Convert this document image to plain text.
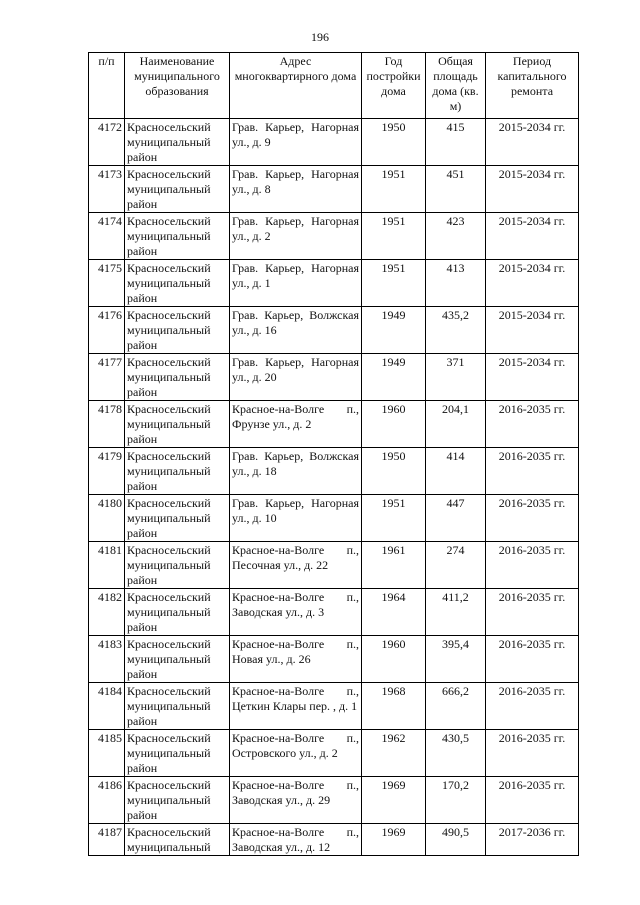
196
п/п	Наименование муниципального образования	Адрес многоквартирного дома	Год постройки дома	Общая площадь дома (кв. м)	Период капитального ремонта
4172	Красносельский муниципальный район	Грав. Карьер, Нагорная ул., д. 9	1950	415	2015-2034 гг.
4173	Красносельский муниципальный район	Грав. Карьер, Нагорная ул., д. 8	1951	451	2015-2034 гг.
4174	Красносельский муниципальный район	Грав. Карьер, Нагорная ул., д. 2	1951	423	2015-2034 гг.
4175	Красносельский муниципальный район	Грав. Карьер, Нагорная ул., д. 1	1951	413	2015-2034 гг.
4176	Красносельский муниципальный район	Грав. Карьер, Волжская ул., д. 16	1949	435,2	2015-2034 гг.
4177	Красносельский муниципальный район	Грав. Карьер, Нагорная ул., д. 20	1949	371	2015-2034 гг.
4178	Красносельский муниципальный район	Красное-на-Волге п., Фрунзе ул., д. 2	1960	204,1	2016-2035 гг.
4179	Красносельский муниципальный район	Грав. Карьер, Волжская ул., д. 18	1950	414	2016-2035 гг.
4180	Красносельский муниципальный район	Грав. Карьер, Нагорная ул., д. 10	1951	447	2016-2035 гг.
4181	Красносельский муниципальный район	Красное-на-Волге п., Песочная ул., д. 22	1961	274	2016-2035 гг.
4182	Красносельский муниципальный район	Красное-на-Волге п., Заводская ул., д. 3	1964	411,2	2016-2035 гг.
4183	Красносельский муниципальный район	Красное-на-Волге п., Новая ул., д. 26	1960	395,4	2016-2035 гг.
4184	Красносельский муниципальный район	Красное-на-Волге п., Цеткин Клары пер. , д. 1	1968	666,2	2016-2035 гг.
4185	Красносельский муниципальный район	Красное-на-Волге п., Островского ул., д. 2	1962	430,5	2016-2035 гг.
4186	Красносельский муниципальный район	Красное-на-Волге п., Заводская ул., д. 29	1969	170,2	2016-2035 гг.
4187	Красносельский муниципальный	Красное-на-Волге п., Заводская ул., д. 12	1969	490,5	2017-2036 гг.
